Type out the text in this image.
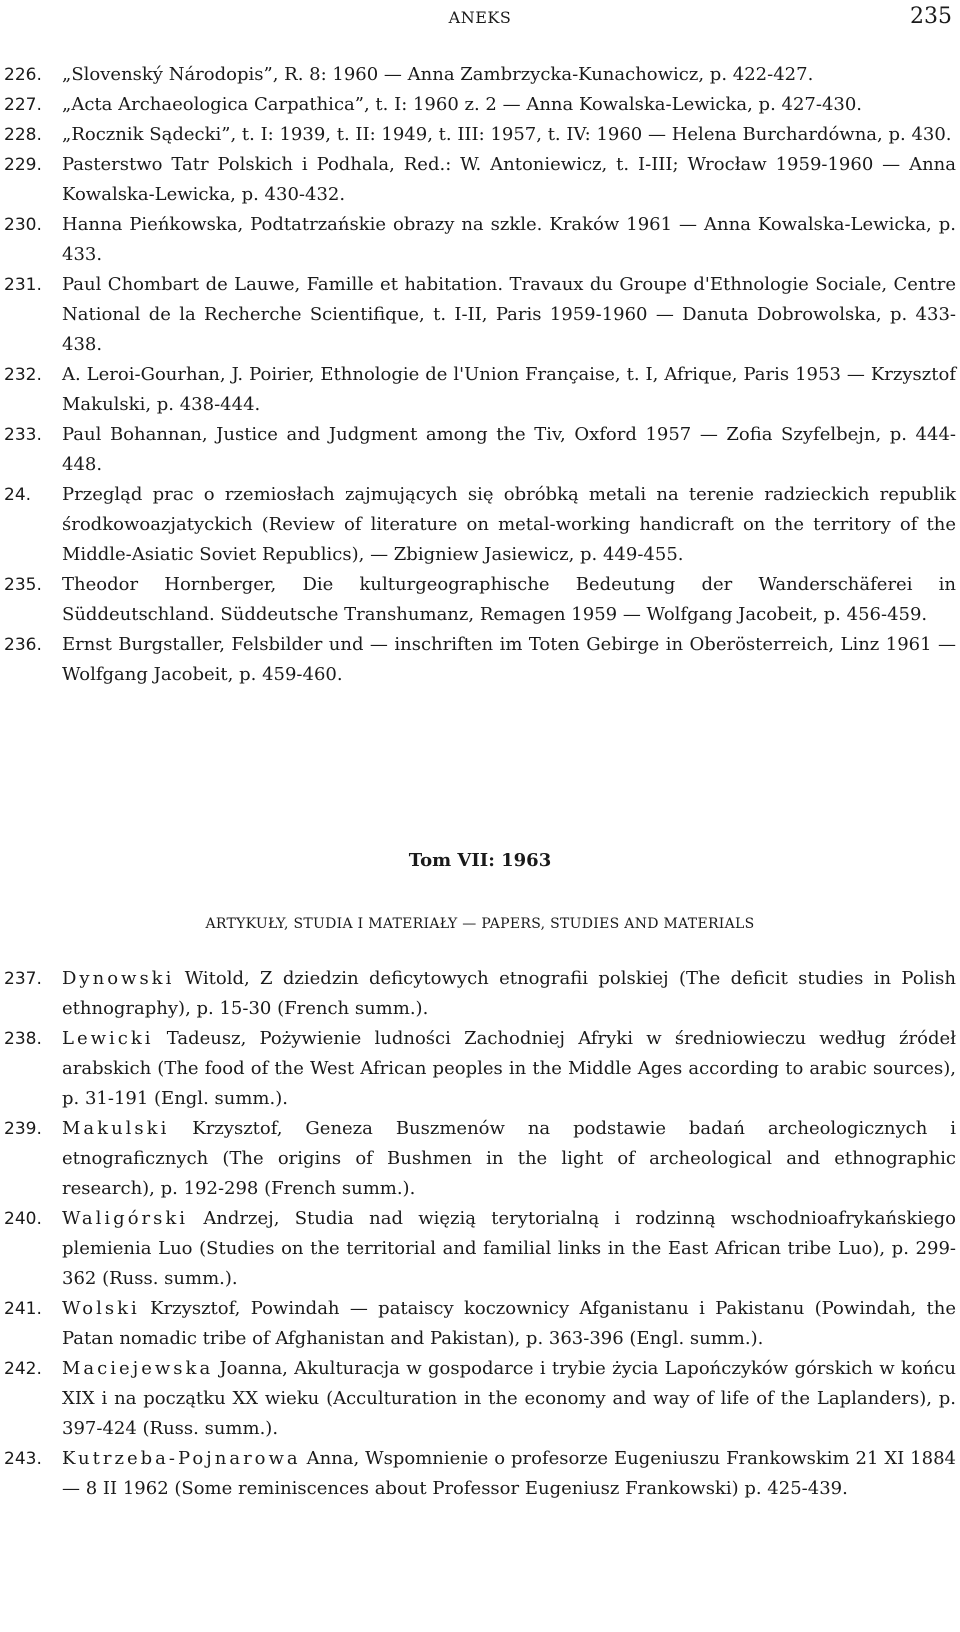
ANEKS	235
226.	„Slovenský Národopis”, R. 8: 1960 — Anna Zambrzycka-Kunachowicz, p. 422-427.
227.	„Acta Archaeologica Carpathica”, t. I: 1960 z. 2 — Anna Kowalska-Lewicka, p. 427-430.
228.	„Rocznik Sądecki”, t. I: 1939, t. II: 1949, t. III: 1957, t. IV: 1960 — Helena Burchardówna, p. 430.
229.	Pasterstwo Tatr Polskich i Podhala, Red.: W. Antoniewicz, t. I-III; Wrocław 1959-1960 — Anna Kowalska-Lewicka, p. 430-432.
230.	Hanna Pieńkowska, Podtatrzańskie obrazy na szkle. Kraków 1961 — Anna Kowalska-Lewicka, p. 433.
231.	Paul Chombart de Lauwe, Famille et habitation. Travaux du Groupe d'Ethnologie Sociale, Centre National de la Recherche Scientifique, t. I-II, Paris 1959-1960 — Danuta Dobrowolska, p. 433-438.
232.	A. Leroi-Gourhan, J. Poirier, Ethnologie de l'Union Française, t. I, Afrique, Paris 1953 — Krzysztof Makulski, p. 438-444.
233.	Paul Bohannan, Justice and Judgment among the Tiv, Oxford 1957 — Zofia Szyfelbejn, p. 444-448.
24.	Przegląd prac o rzemiosłach zajmujących się obróbką metali na terenie radzieckich republik środkowoazjatyckich (Review of literature on metal-working handicraft on the territory of the Middle-Asiatic Soviet Republics), — Zbigniew Jasiewicz, p. 449-455.
235.	Theodor Hornberger, Die kulturgeographische Bedeutung der Wanderschäferei in Süddeutschland. Süddeutsche Transhumanz, Remagen 1959 — Wolfgang Jacobeit, p. 456-459.
236.	Ernst Burgstaller, Felsbilder und — inschriften im Toten Gebirge in Oberösterreich, Linz 1961 — Wolfgang Jacobeit, p. 459-460.
Tom VII: 1963
ARTYKUŁY, STUDIA I MATERIAŁY — PAPERS, STUDIES AND MATERIALS
237.	Dynowski Witold, Z dziedzin deficytowych etnografii polskiej (The deficit studies in Polish ethnography), p. 15-30 (French summ.).
238.	Lewicki Tadeusz, Pożywienie ludności Zachodniej Afryki w średniowieczu według źródeł arabskich (The food of the West African peoples in the Middle Ages according to arabic sources), p. 31-191 (Engl. summ.).
239.	Makulski Krzysztof, Geneza Buszmenów na podstawie badań archeologicznych i etnograficznych (The origins of Bushmen in the light of archeological and ethnographic research), p. 192-298 (French summ.).
240.	Waligórski Andrzej, Studia nad więzią terytorialną i rodzinną wschodnioafrykańskiego plemienia Luo (Studies on the territorial and familial links in the East African tribe Luo), p. 299-362 (Russ. summ.).
241.	Wolski Krzysztof, Powindah — pataiscy koczownicy Afganistanu i Pakistanu (Powindah, the Patan nomadic tribe of Afghanistan and Pakistan), p. 363-396 (Engl. summ.).
242.	Maciejewska Joanna, Akulturacja w gospodarce i trybie życia Lapończyków górskich w końcu XIX i na początku XX wieku (Acculturation in the economy and way of life of the Laplanders), p. 397-424 (Russ. summ.).
243.	Kutrzeba-Pojnarowa Anna, Wspomnienie o profesorze Eugeniuszu Frankowskim 21 XI 1884 — 8 II 1962 (Some reminiscences about Professor Eugeniusz Frankowski) p. 425-439.
